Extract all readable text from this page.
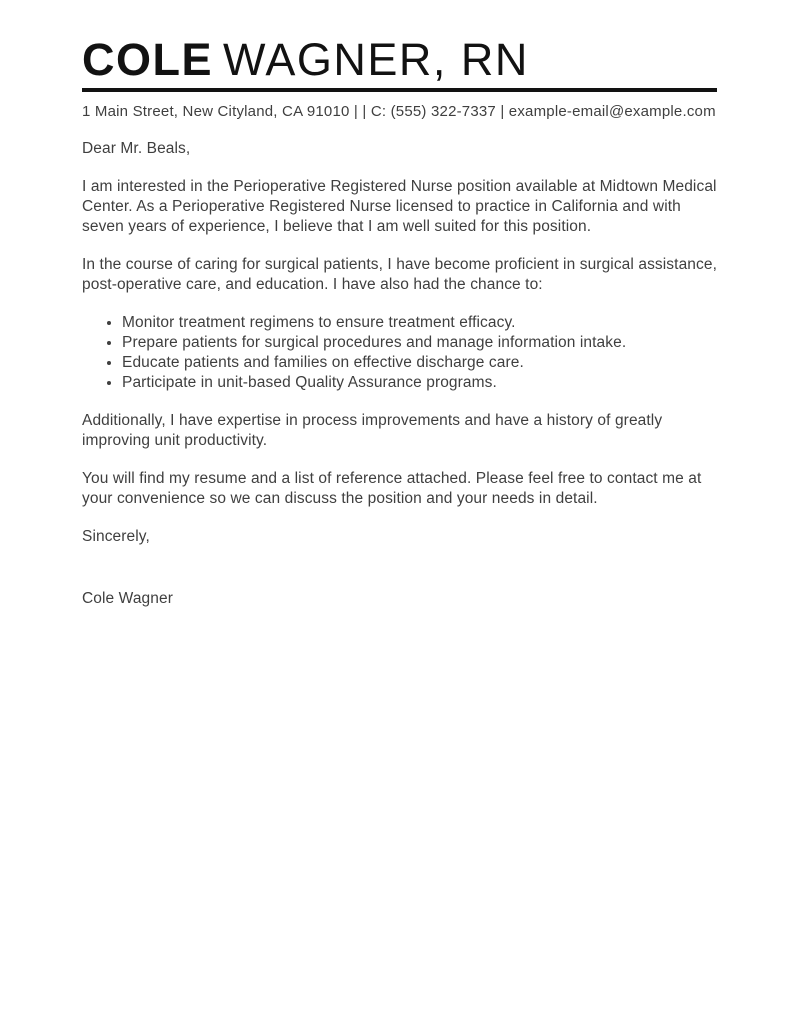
COLE WAGNER, RN
1 Main Street, New Cityland, CA 91010 | | C: (555) 322-7337 | example-email@example.com

Dear Mr. Beals,

I am interested in the Perioperative Registered Nurse position available at Midtown Medical Center. As a Perioperative Registered Nurse licensed to practice in California and with seven years of experience, I believe that I am well suited for this position.

In the course of caring for surgical patients, I have become proficient in surgical assistance, post-operative care, and education. I have also had the chance to:

• Monitor treatment regimens to ensure treatment efficacy.
• Prepare patients for surgical procedures and manage information intake.
• Educate patients and families on effective discharge care.
• Participate in unit-based Quality Assurance programs.

Additionally, I have expertise in process improvements and have a history of greatly improving unit productivity.

You will find my resume and a list of reference attached. Please feel free to contact me at your convenience so we can discuss the position and your needs in detail.

Sincerely,

Cole Wagner
